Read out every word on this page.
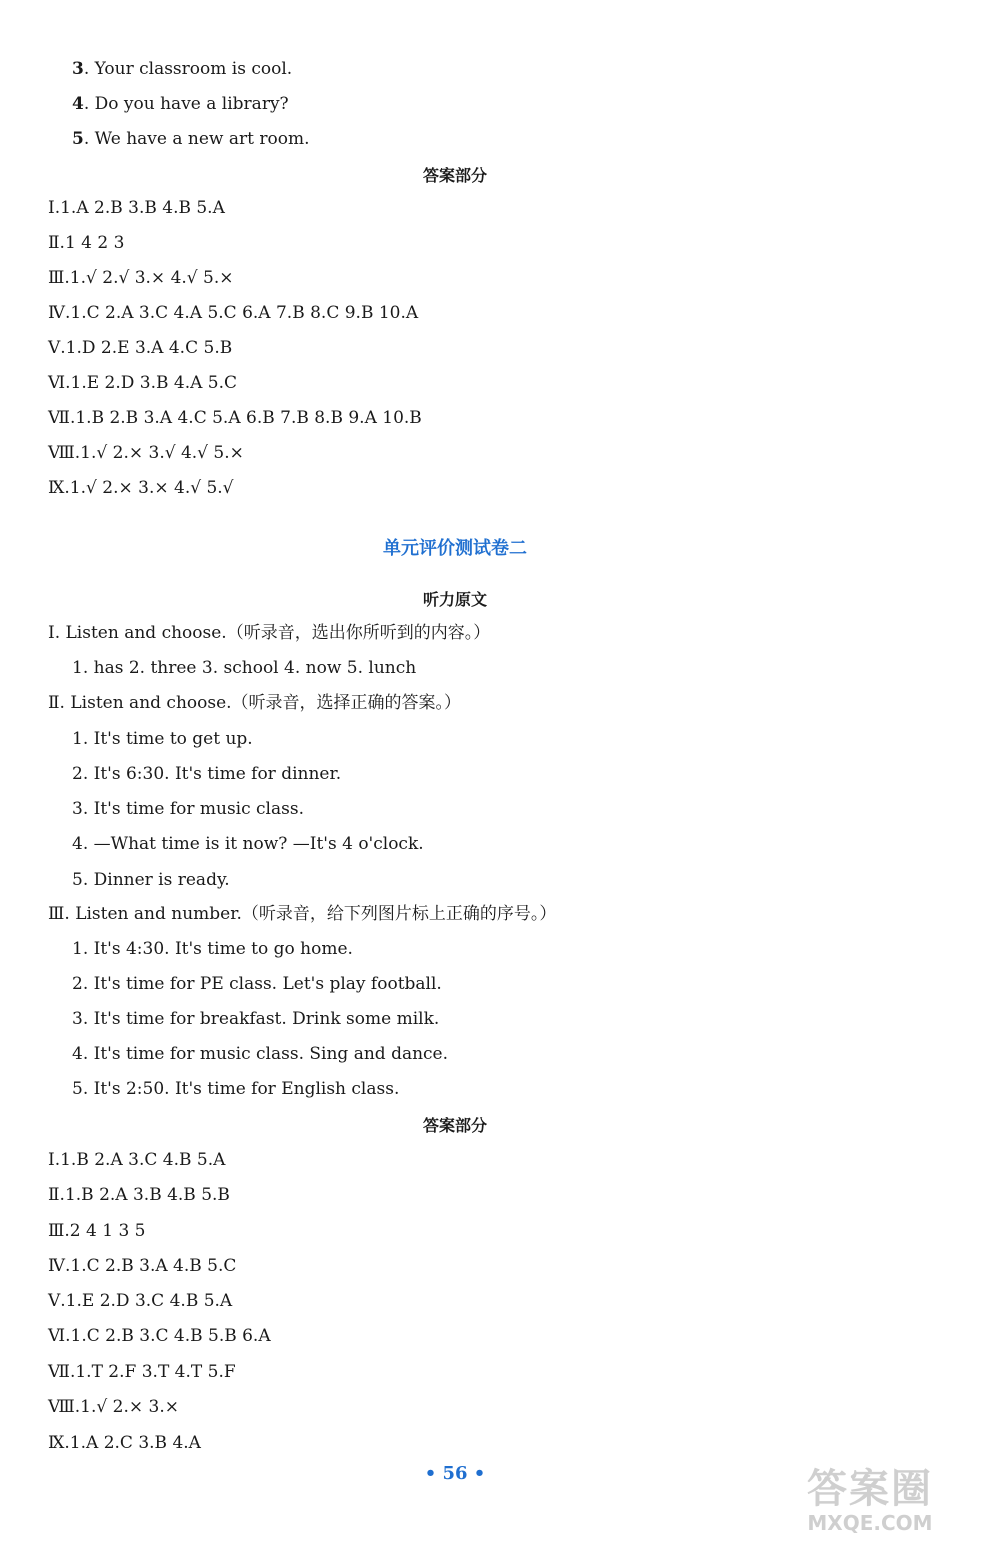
3. Your classroom is cool.
4. Do you have a library?
5. We have a new art room.
答案部分
Ⅰ.1.A 2.B 3.B 4.B 5.A
Ⅱ.1 4 2 3
Ⅲ.1.√ 2.√ 3.× 4.√ 5.×
Ⅳ.1.C 2.A 3.C 4.A 5.C 6.A 7.B 8.C 9.B 10.A
Ⅴ.1.D 2.E 3.A 4.C 5.B
Ⅵ.1.E 2.D 3.B 4.A 5.C
Ⅶ.1.B 2.B 3.A 4.C 5.A 6.B 7.B 8.B 9.A 10.B
Ⅷ.1.√ 2.× 3.√ 4.√ 5.×
Ⅸ.1.√ 2.× 3.× 4.√ 5.√
单元评价测试卷二
听力原文
Ⅰ. Listen and choose.（听录音，选出你所听到的内容。）
1. has 2. three 3. school 4. now 5. lunch
Ⅱ. Listen and choose.（听录音，选择正确的答案。）
1. It's time to get up.
2. It's 6:30. It's time for dinner.
3. It's time for music class.
4. —What time is it now? —It's 4 o'clock.
5. Dinner is ready.
Ⅲ. Listen and number.（听录音，给下列图片标上正确的序号。）
1. It's 4:30. It's time to go home.
2. It's time for PE class. Let's play football.
3. It's time for breakfast. Drink some milk.
4. It's time for music class. Sing and dance.
5. It's 2:50. It's time for English class.
答案部分
Ⅰ.1.B 2.A 3.C 4.B 5.A
Ⅱ.1.B 2.A 3.B 4.B 5.B
Ⅲ.2 4 1 3 5
Ⅳ.1.C 2.B 3.A 4.B 5.C
Ⅴ.1.E 2.D 3.C 4.B 5.A
Ⅵ.1.C 2.B 3.C 4.B 5.B 6.A
Ⅶ.1.T 2.F 3.T 4.T 5.F
Ⅷ.1.√ 2.× 3.×
Ⅸ.1.A 2.C 3.B 4.A
• 56 •	答案圈
MXQE.COM
